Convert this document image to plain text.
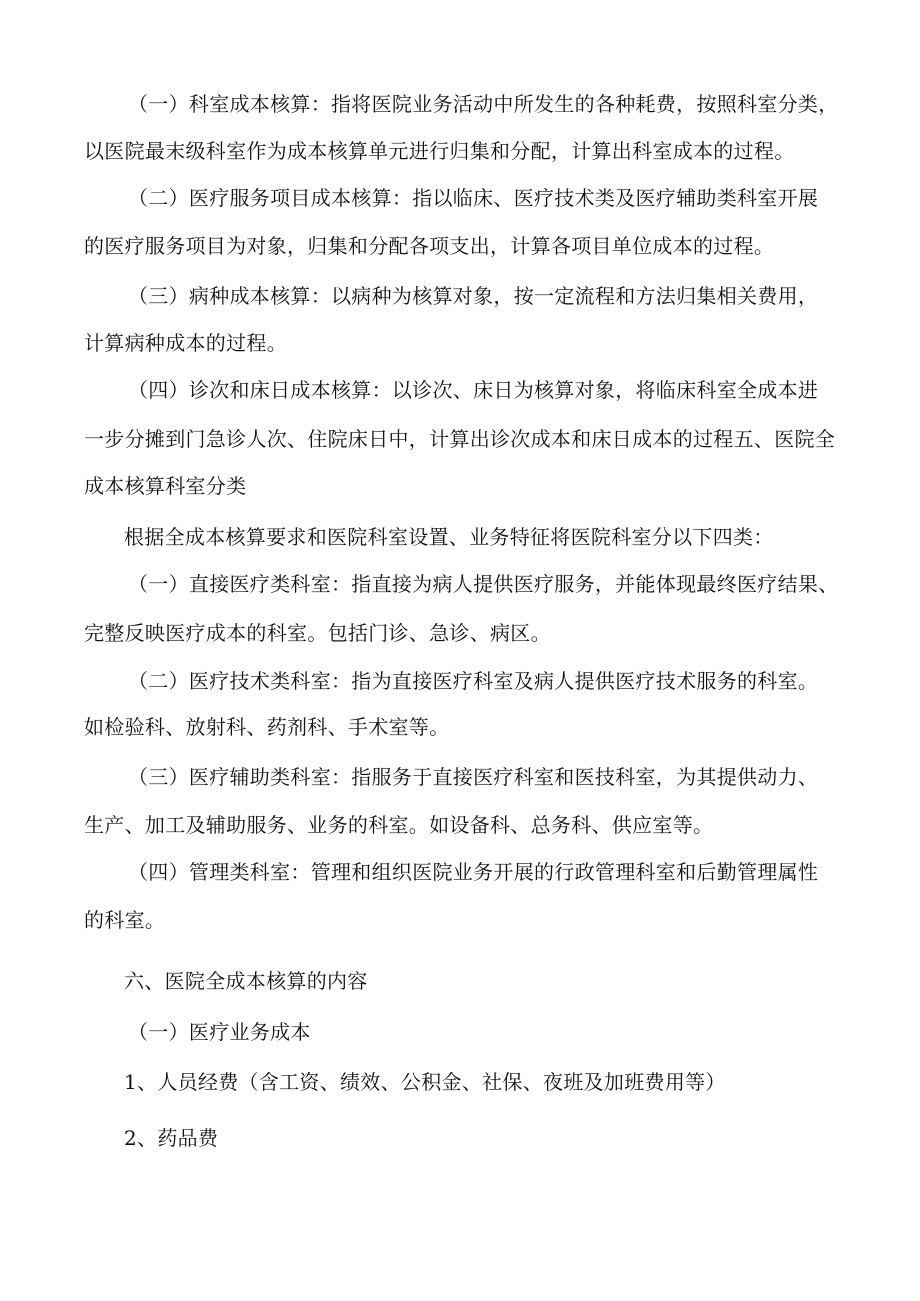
（一）科室成本核算：指将医院业务活动中所发生的各种耗费，按照科室分类，
以医院最末级科室作为成本核算单元进行归集和分配，计算出科室成本的过程。
（二）医疗服务项目成本核算：指以临床、医疗技术类及医疗辅助类科室开展
的医疗服务项目为对象，归集和分配各项支出，计算各项目单位成本的过程。
（三）病种成本核算：以病种为核算对象，按一定流程和方法归集相关费用，
计算病种成本的过程。
（四）诊次和床日成本核算：以诊次、床日为核算对象，将临床科室全成本进
一步分摊到门急诊人次、住院床日中，计算出诊次成本和床日成本的过程五、医院全
成本核算科室分类
根据全成本核算要求和医院科室设置、业务特征将医院科室分以下四类：
（一）直接医疗类科室：指直接为病人提供医疗服务，并能体现最终医疗结果、
完整反映医疗成本的科室。包括门诊、急诊、病区。
（二）医疗技术类科室：指为直接医疗科室及病人提供医疗技术服务的科室。
如检验科、放射科、药剂科、手术室等。
（三）医疗辅助类科室：指服务于直接医疗科室和医技科室，为其提供动力、
生产、加工及辅助服务、业务的科室。如设备科、总务科、供应室等。
（四）管理类科室：管理和组织医院业务开展的行政管理科室和后勤管理属性
的科室。
六、医院全成本核算的内容
（一）医疗业务成本
1、人员经费（含工资、绩效、公积金、社保、夜班及加班费用等）
2、药品费
